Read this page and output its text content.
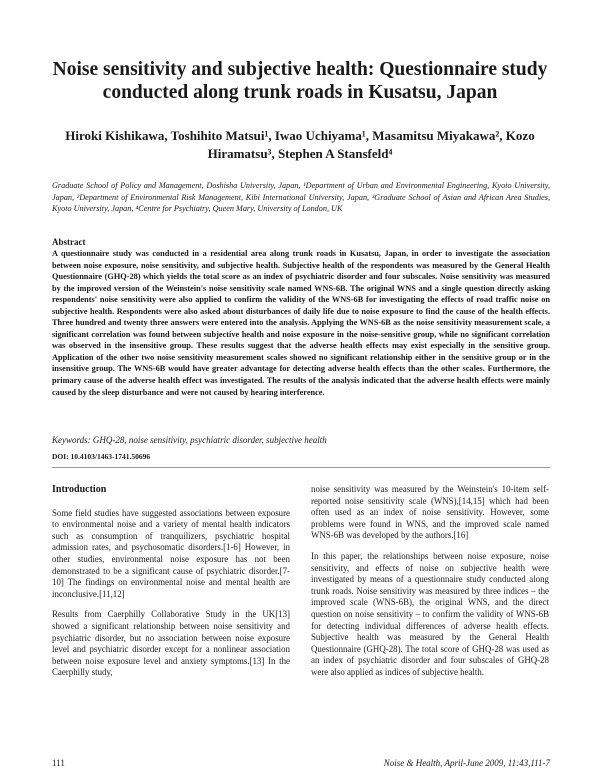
Noise sensitivity and subjective health: Questionnaire study conducted along trunk roads in Kusatsu, Japan
Hiroki Kishikawa, Toshihito Matsui¹, Iwao Uchiyama¹, Masamitsu Miyakawa², Kozo Hiramatsu³, Stephen A Stansfeld⁴
Graduate School of Policy and Management, Doshisha University, Japan, ¹Department of Urban and Environmental Engineering, Kyoto University, Japan, ²Department of Environmental Risk Management, Kibi International University, Japan, ³Graduate School of Asian and African Area Studies, Kyoto University, Japan, ⁴Centre for Psychiatry, Queen Mary, University of London, UK
Abstract
A questionnaire study was conducted in a residential area along trunk roads in Kusatsu, Japan, in order to investigate the association between noise exposure, noise sensitivity, and subjective health. Subjective health of the respondents was measured by the General Health Questionnaire (GHQ-28) which yields the total score as an index of psychiatric disorder and four subscales. Noise sensitivity was measured by the improved version of the Weinstein's noise sensitivity scale named WNS-6B. The original WNS and a single question directly asking respondents' noise sensitivity were also applied to confirm the validity of the WNS-6B for investigating the effects of road traffic noise on subjective health. Respondents were also asked about disturbances of daily life due to noise exposure to find the cause of the health effects. Three hundred and twenty three answers were entered into the analysis. Applying the WNS-6B as the noise sensitivity measurement scale, a significant correlation was found between subjective health and noise exposure in the noise-sensitive group, while no significant correlation was observed in the insensitive group. These results suggest that the adverse health effects may exist especially in the sensitive group. Application of the other two noise sensitivity measurement scales showed no significant relationship either in the sensitive group or in the insensitive group. The WNS-6B would have greater advantage for detecting adverse health effects than the other scales. Furthermore, the primary cause of the adverse health effect was investigated. The results of the analysis indicated that the adverse health effects were mainly caused by the sleep disturbance and were not caused by hearing interference.
Keywords: GHQ-28, noise sensitivity, psychiatric disorder, subjective health
DOI: 10.4103/1463-1741.50696
Introduction

Some field studies have suggested associations between exposure to environmental noise and a variety of mental health indicators such as consumption of tranquilizers, psychiatric hospital admission rates, and psychosomatic disorders.[1-6] However, in other studies, environmental noise exposure has not been demonstrated to be a significant cause of psychiatric disorder.[7-10] The findings on environmental noise and mental health are inconclusive.[11,12]

Results from Caerphilly Collaborative Study in the UK[13] showed a significant relationship between noise sensitivity and psychiatric disorder, but no association between noise exposure level and psychiatric disorder except for a nonlinear association between noise exposure level and anxiety symptoms.[13] In the Caerphilly study,

noise sensitivity was measured by the Weinstein's 10-item self-reported noise sensitivity scale (WNS),[14,15] which had been often used as an index of noise sensitivity. However, some problems were found in WNS, and the improved scale named WNS-6B was developed by the authors.[16]

In this paper, the relationships between noise exposure, noise sensitivity, and effects of noise on subjective health were investigated by means of a questionnaire study conducted along trunk roads. Noise sensitivity was measured by three indices – the improved scale (WNS-6B), the original WNS, and the direct question on noise sensitivity – to confirm the validity of WNS-6B for detecting individual differences of adverse health effects. Subjective health was measured by the General Health Questionnaire (GHQ-28). The total score of GHQ-28 was used as an index of psychiatric disorder and four subscales of GHQ-28 were also applied as indices of subjective health.

111	Noise & Health, April-June 2009, 11:43,111-7
